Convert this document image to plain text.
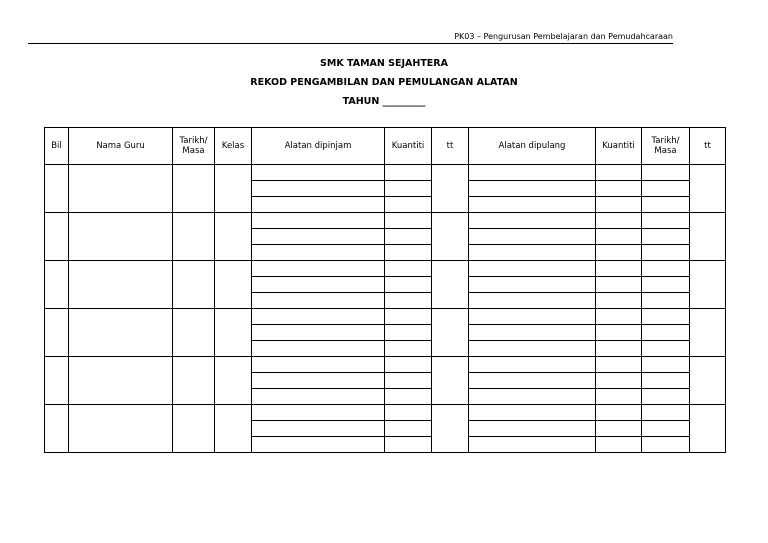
PK03 – Pengurusan Pembelajaran dan Pemudahcaraan
SMK TAMAN SEJAHTERA
REKOD PENGAMBILAN DAN PEMULANGAN ALATAN
TAHUN _________
Bil	Nama Guru	Tarikh/ Masa	Kelas	Alatan dipinjam	Kuantiti	tt	Alatan dipulang	Kuantiti	Tarikh/ Masa	tt
